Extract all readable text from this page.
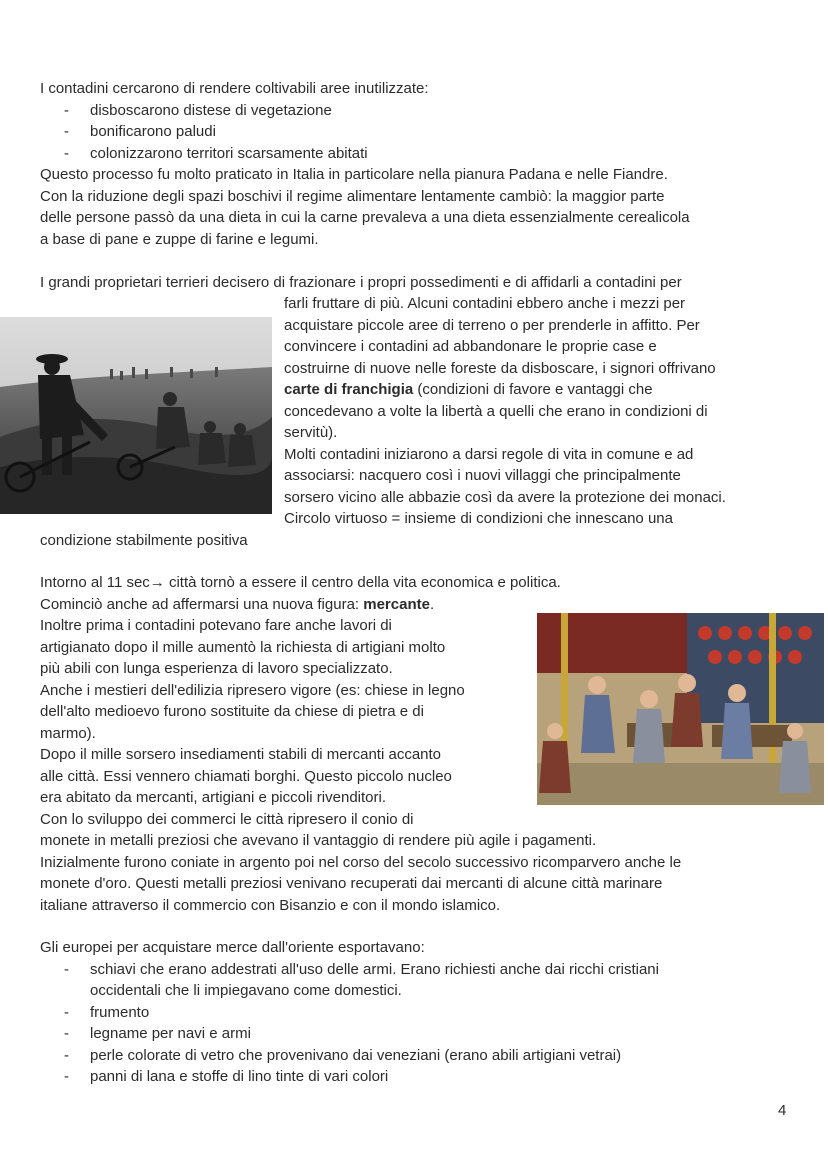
I contadini cercarono di rendere coltivabili aree inutilizzate:
- disboscarono distese di vegetazione
- bonificarono paludi
- colonizzarono territori scarsamente abitati
Questo processo fu molto praticato in Italia in particolare nella pianura Padana e nelle Fiandre.
Con la riduzione degli spazi boschivi il regime alimentare lentamente cambiò: la maggior parte
delle persone passò da una dieta in cui la carne prevaleva a una dieta essenzialmente cerealicola
a base di pane e zuppe di farine e legumi.
I grandi proprietari terrieri decisero di frazionare i propri possedimenti e di affidarli a contadini per
farli fruttare di più. Alcuni contadini ebbero anche i mezzi per
acquistare piccole aree di terreno o per prenderle in affitto. Per
convincere i contadini ad abbandonare le proprie case e
costruirne di nuove nelle foreste da disboscare, i signori offrivano
carte di franchigia (condizioni di favore e vantaggi che
concedevano a volte la libertà a quelli che erano in condizioni di
servitù).
Molti contadini iniziarono a darsi regole di vita in comune e ad
associarsi: nacquero così i nuovi villaggi che principalmente
sorsero vicino alle abbazie così da avere la protezione dei monaci.
Circolo virtuoso = insieme di condizioni che innescano una
condizione stabilmente positiva
Intorno al 11 sec→ città tornò a essere il centro della vita economica e politica.
Cominciò anche ad affermarsi una nuova figura: mercante.
Inoltre prima i contadini potevano fare anche lavori di
artigianato dopo il mille aumentò la richiesta di artigiani molto
più abili con lunga esperienza di lavoro specializzato.
Anche i mestieri dell'edilizia ripresero vigore (es: chiese in legno
dell'alto medioevo furono sostituite da chiese di pietra e di
marmo).
Dopo il mille sorsero insediamenti stabili di mercanti accanto
alle città. Essi vennero chiamati borghi. Questo piccolo nucleo
era abitato da mercanti, artigiani e piccoli rivenditori.
Con lo sviluppo dei commerci le città ripresero il conio di
monete in metalli preziosi che avevano il vantaggio di rendere più agile i pagamenti.
Inizialmente furono coniate in argento poi nel corso del secolo successivo ricomparvero anche le
monete d'oro. Questi metalli preziosi venivano recuperati dai mercanti di alcune città marinare
italiane attraverso il commercio con Bisanzio e con il mondo islamico.
Gli europei per acquistare merce dall'oriente esportavano:
- schiavi che erano addestrati all'uso delle armi. Erano richiesti anche dai ricchi cristiani
occidentali che li impiegavano come domestici.
- frumento
- legname per navi e armi
- perle colorate di vetro che provenivano dai veneziani (erano abili artigiani vetrai)
- panni di lana e stoffe di lino tinte di vari colori
4
